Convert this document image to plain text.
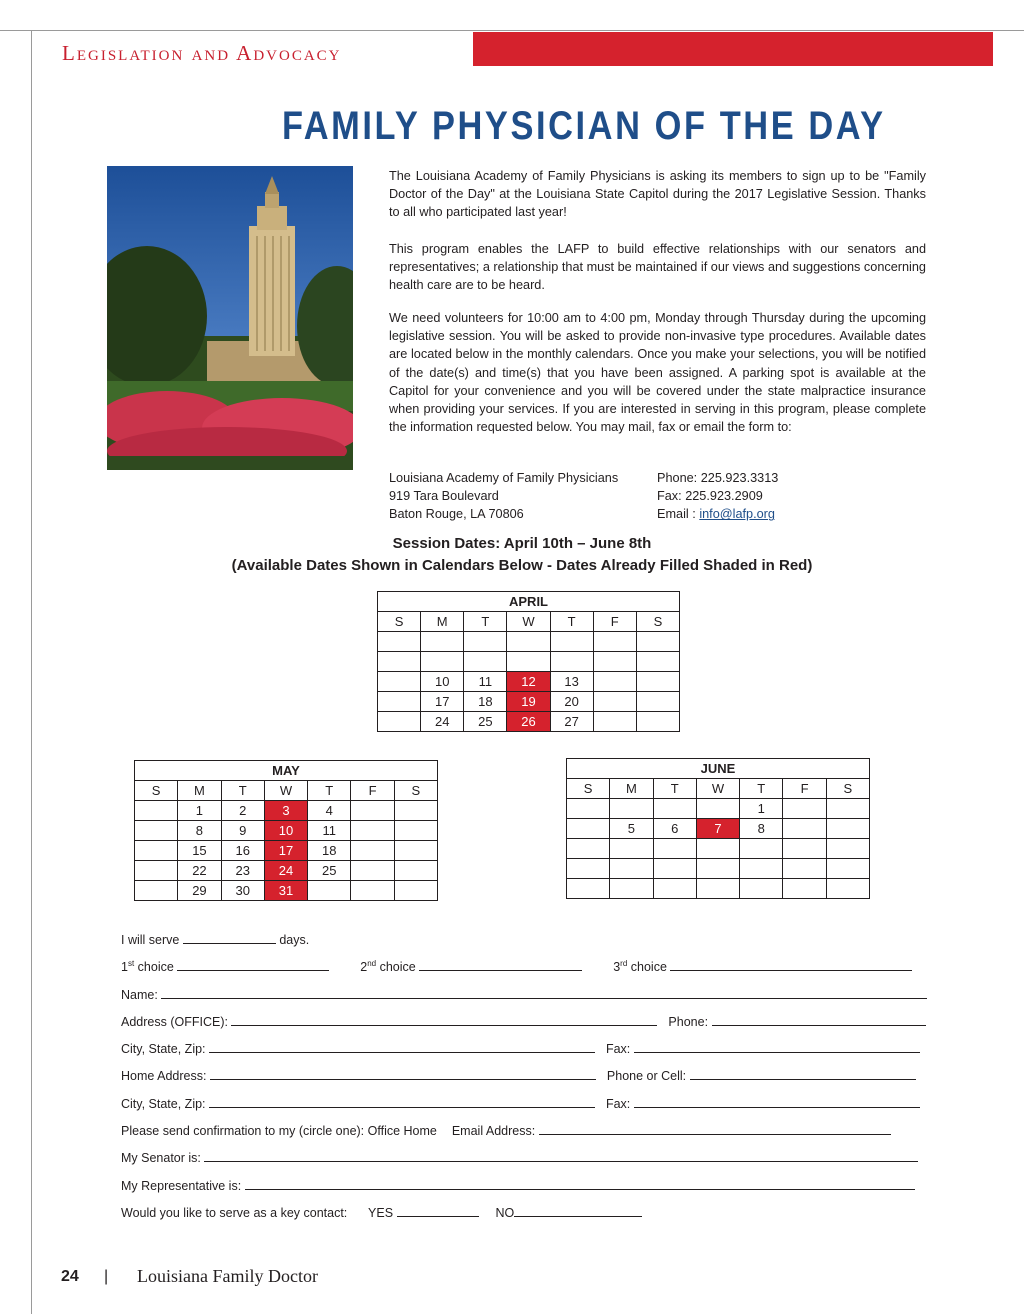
Legislation and Advocacy
FAMILY PHYSICIAN OF THE DAY
The Louisiana Academy of Family Physicians is asking its members to sign up to be "Family Doctor of the Day" at the Louisiana State Capitol during the 2017 Legislative Session. Thanks to all who participated last year!
This program enables the LAFP to build effective relationships with our senators and representatives; a relationship that must be maintained if our views and suggestions concerning health care are to be heard.
We need volunteers for 10:00 am to 4:00 pm, Monday through Thursday during the upcoming legislative session. You will be asked to provide non-invasive type procedures. Available dates are located below in the monthly calendars. Once you make your selections, you will be notified of the date(s) and time(s) that you have been assigned. A parking spot is available at the Capitol for your convenience and you will be covered under the state malpractice insurance when providing your services. If you are interested in serving in this program, please complete the information requested below. You may mail, fax or email the form to:
Louisiana Academy of Family Physicians
919 Tara Boulevard
Baton Rouge, LA 70806
Phone: 225.923.3313
Fax: 225.923.2909
Email : info@lafp.org
Session Dates: April 10th – June 8th
(Available Dates Shown in Calendars Below - Dates Already Filled Shaded in Red)
APRIL						
S	M	T	W	T	F	S

	10	11	12	13		
	17	18	19	20		
	24	25	26	27		
MAY						
S	M	T	W	T	F	S
	1	2	3	4		
	8	9	10	11		
	15	16	17	18		
	22	23	24	25		
	29	30	31			
JUNE						
S	M	T	W	T	F	S
				1		
	5	6	7	8		

I will serve	days.
1st choice	2nd choice	3rd choice
Name:
Address (OFFICE):	Phone:
City, State, Zip:	Fax:
Home Address:	Phone or Cell:
City, State, Zip:	Fax:
Please send confirmation to my (circle one): Office Home Email Address:
My Senator is:
My Representative is:
Would you like to serve as a key contact: YES	NO
24 | Louisiana Family Doctor
